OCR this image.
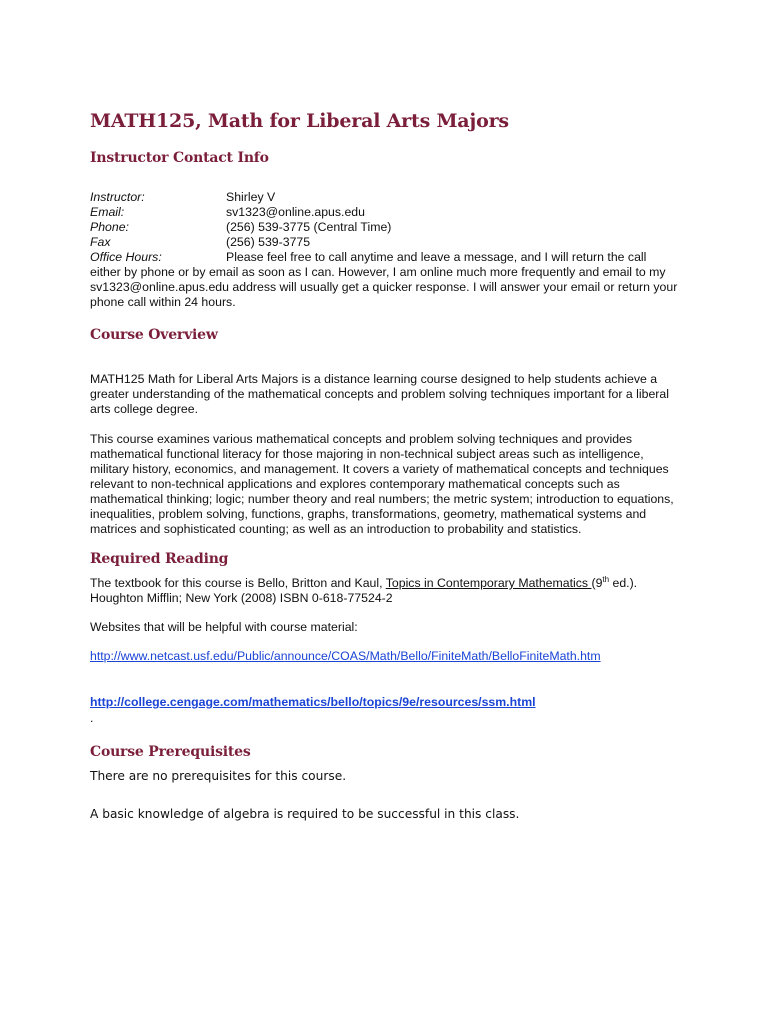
MATH125, Math for Liberal Arts Majors
Instructor Contact Info
Instructor:	Shirley V
Email:	sv1323@online.apus.edu
Phone:	(256) 539-3775 (Central Time)
Fax	(256) 539-3775
Office Hours:	Please feel free to call anytime and leave a message, and I will return the call either by phone or by email as soon as I can. However, I am online much more frequently and email to my sv1323@online.apus.edu address will usually get a quicker response. I will answer your email or return your phone call within 24 hours.

Course Overview

MATH125 Math for Liberal Arts Majors is a distance learning course designed to help students achieve a greater understanding of the mathematical concepts and problem solving techniques important for a liberal arts college degree.

This course examines various mathematical concepts and problem solving techniques and provides mathematical functional literacy for those majoring in non-technical subject areas such as intelligence, military history, economics, and management. It covers a variety of mathematical concepts and techniques relevant to non-technical applications and explores contemporary mathematical concepts such as mathematical thinking; logic; number theory and real numbers; the metric system; introduction to equations, inequalities, problem solving, functions, graphs, transformations, geometry, mathematical systems and matrices and sophisticated counting; as well as an introduction to probability and statistics.

Required Reading

The textbook for this course is Bello, Britton and Kaul, Topics in Contemporary Mathematics (9th ed.).
Houghton Mifflin; New York (2008) ISBN 0-618-77524-2

Websites that will be helpful with course material:

http://www.netcast.usf.edu/Public/announce/COAS/Math/Bello/FiniteMath/BelloFiniteMath.htm
http://college.cengage.com/mathematics/bello/topics/9e/resources/ssm.html

.

Course Prerequisites

There are no prerequisites for this course.

A basic knowledge of algebra is required to be successful in this class.
